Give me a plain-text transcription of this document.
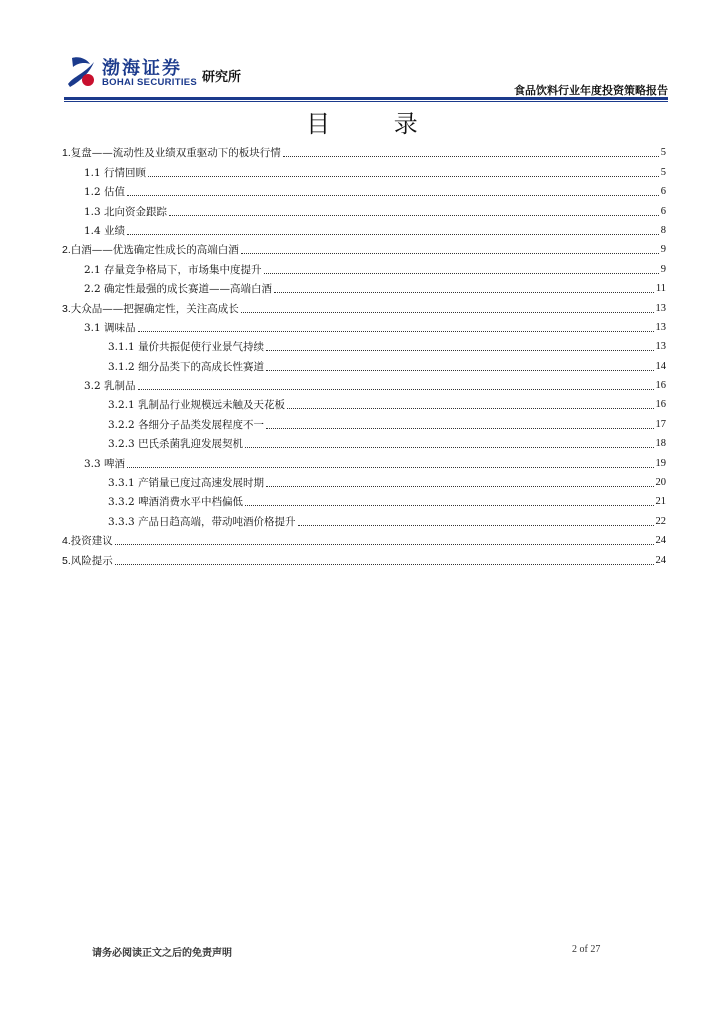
渤海证券
BOHAI SECURITIES 研究所
食品饮料行业年度投资策略报告
目 录
1.复盘——流动性及业绩双重驱动下的板块行情	5
1.1 行情回顾	5
1.2 估值	6
1.3 北向资金跟踪	6
1.4 业绩	8
2.白酒——优选确定性成长的高端白酒	9
2.1 存量竞争格局下，市场集中度提升	9
2.2 确定性最强的成长赛道——高端白酒	11
3.大众品——把握确定性，关注高成长	13
3.1 调味品	13
3.1.1 量价共振促使行业景气持续	13
3.1.2 细分品类下的高成长性赛道	14
3.2 乳制品	16
3.2.1 乳制品行业规模远未触及天花板	16
3.2.2 各细分子品类发展程度不一	17
3.2.3 巴氏杀菌乳迎发展契机	18
3.3 啤酒	19
3.3.1 产销量已度过高速发展时期	20
3.3.2 啤酒消费水平中档偏低	21
3.3.3 产品日趋高端，带动吨酒价格提升	22
4.投资建议	24
5.风险提示	24
请务必阅读正文之后的免责声明	2 of 27
